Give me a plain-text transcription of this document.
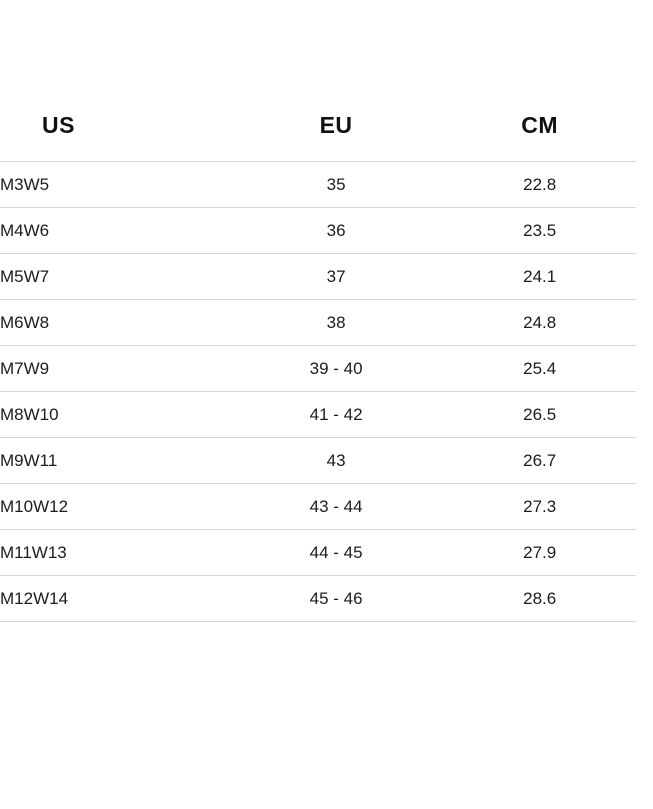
US	EU	CM
M3W5	35	22.8
M4W6	36	23.5
M5W7	37	24.1
M6W8	38	24.8
M7W9	39 - 40	25.4
M8W10	41 - 42	26.5
M9W11	43	26.7
M10W12	43 - 44	27.3
M11W13	44 - 45	27.9
M12W14	45 - 46	28.6
